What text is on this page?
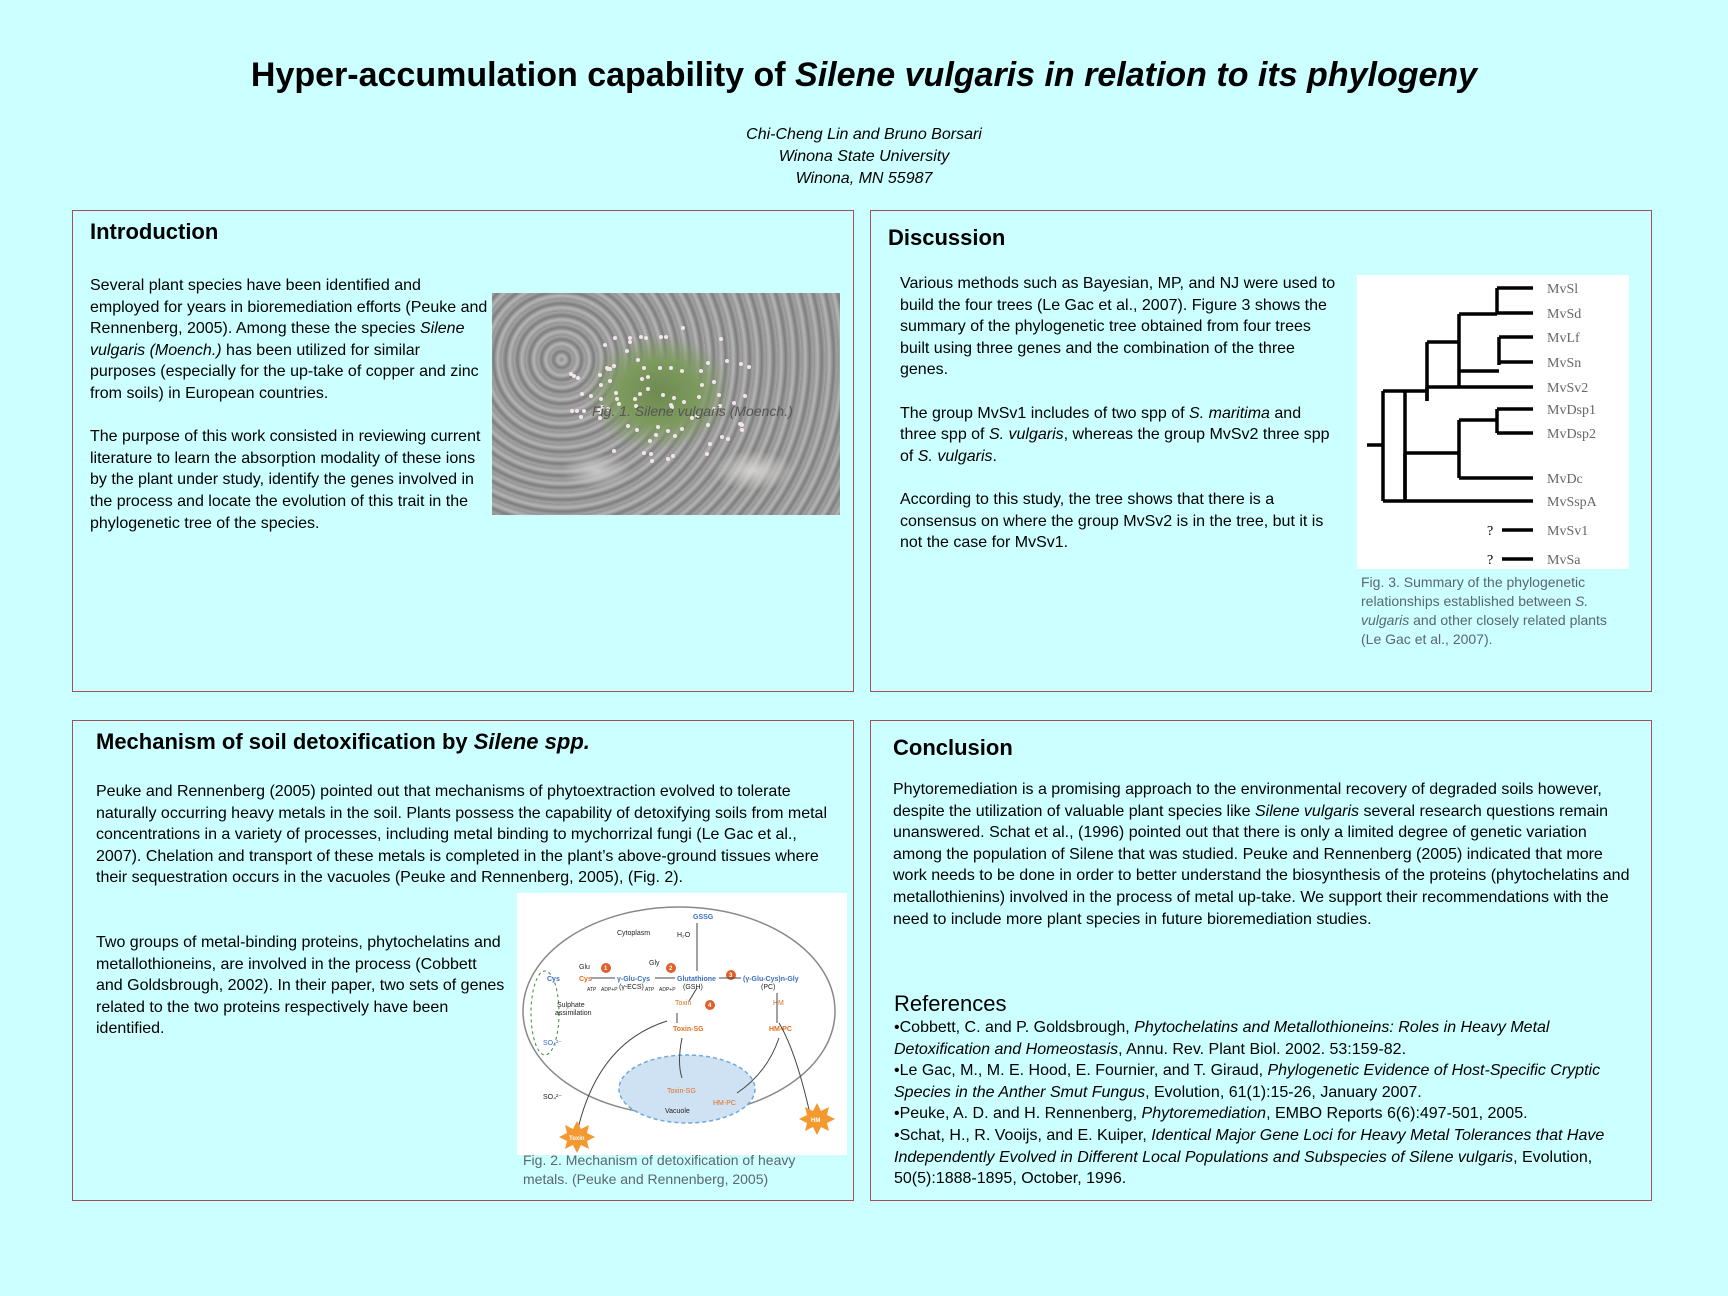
Hyper-accumulation capability of Silene vulgaris in relation to its phylogeny
Chi-Cheng Lin and Bruno Borsari
Winona State University
Winona, MN 55987
Introduction

Several plant species have been identified and employed for years in bioremediation efforts (Peuke and Rennenberg, 2005). Among these the species Silene vulgaris (Moench.) has been utilized for similar purposes (especially for the up-take of copper and zinc from soils) in European countries.

The purpose of this work consisted in reviewing current literature to learn the absorption modality of these ions by the plant under study, identify the genes involved in the process and locate the evolution of this trait in the phylogenetic tree of the species.

Fig. 1. Silene vulgaris (Moench.)
Discussion

Various methods such as Bayesian, MP, and NJ were used to build the four trees (Le Gac et al., 2007). Figure 3 shows the summary of the phylogenetic tree obtained from four trees built using three genes and the combination of the three genes.

The group MvSv1 includes of two spp of S. maritima and three spp of S. vulgaris, whereas the group MvSv2 three spp of S. vulgaris.

According to this study, the tree shows that there is a consensus on where the group MvSv2 is in the tree, but it is not the case for MvSv1.

MvSl
MvSd
MvLf
MvSn
MvSv2
MvDsp1
MvDsp2
MvDc
MvSspA
MvSv1
MvSa
?
?
Fig. 3. Summary of the phylogenetic relationships established between S. vulgaris and other closely related plants (Le Gac et al., 2007).
Mechanism of soil detoxification by Silene spp.
Peuke and Rennenberg (2005) pointed out that mechanisms of phytoextraction evolved to tolerate naturally occurring heavy metals in the soil. Plants possess the capability of detoxifying soils from metal concentrations in a variety of processes, including metal binding to mychorrizal fungi (Le Gac et al., 2007). Chelation and transport of these metals is completed in the plant’s above-ground tissues where their sequestration occurs in the vacuoles (Peuke and Rennenberg, 2005), (Fig. 2).
Two groups of metal-binding proteins, phytochelatins and metallothioneins, are involved in the process (Cobbett and Goldsbrough, 2002). In their paper, two sets of genes related to the two proteins respectively have been identified.
GSSG
Cytoplasm	H₂O
Glu
Gly
Cys	Cys	γ-Glu-Cys
(γ-ECS)
Glutathione
(GSH)
(γ-Glu-Cys)n-Gly
(PC)
Sulphate
assimilation
SO₄²⁻
SO₄²⁻
Toxin
Toxin-SG
HM
HM-PC
Toxin-SG
HM-PC
Vacuole
ATP ADP+P	ATP ADP+P
1	2
3
4
Toxin
HM
Fig. 2. Mechanism of detoxification of heavy metals. (Peuke and Rennenberg, 2005)
Conclusion
Phytoremediation is a promising approach to the environmental recovery of degraded soils however, despite the utilization of valuable plant species like Silene vulgaris several research questions remain unanswered. Schat et al., (1996) pointed out that there is only a limited degree of genetic variation among the population of Silene that was studied. Peuke and Rennenberg (2005) indicated that more work needs to be done in order to better understand the biosynthesis of the proteins (phytochelatins and metallothienins) involved in the process of metal up-take. We support their recommendations with the need to include more plant species in future bioremediation studies.
References
•Cobbett, C. and P. Goldsbrough, Phytochelatins and Metallothioneins: Roles in Heavy Metal Detoxification and Homeostasis, Annu. Rev. Plant Biol. 2002. 53:159-82.
•Le Gac, M., M. E. Hood, E. Fournier, and T. Giraud, Phylogenetic Evidence of Host-Specific Cryptic Species in the Anther Smut Fungus, Evolution, 61(1):15-26, January 2007.
•Peuke, A. D. and H. Rennenberg, Phytoremediation, EMBO Reports 6(6):497-501, 2005.
•Schat, H., R. Vooijs, and E. Kuiper, Identical Major Gene Loci for Heavy Metal Tolerances that Have Independently Evolved in Different Local Populations and Subspecies of Silene vulgaris, Evolution, 50(5):1888-1895, October, 1996.
